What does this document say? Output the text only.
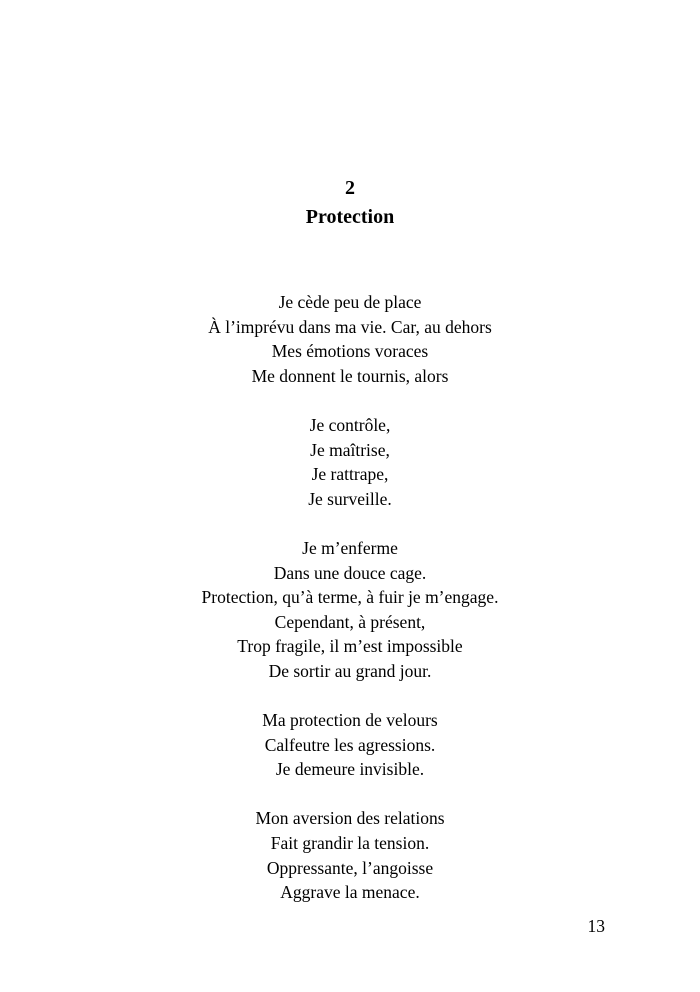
2
Protection
Je cède peu de place
À l’imprévu dans ma vie. Car, au dehors
Mes émotions voraces
Me donnent le tournis, alors
Je contrôle,
Je maîtrise,
Je rattrape,
Je surveille.
Je m’enferme
Dans une douce cage.
Protection, qu’à terme, à fuir je m’engage.
Cependant, à présent,
Trop fragile, il m’est impossible
De sortir au grand jour.
Ma protection de velours
Calfeutre les agressions.
Je demeure invisible.
Mon aversion des relations
Fait grandir la tension.
Oppressante, l’angoisse
Aggrave la menace.
13
